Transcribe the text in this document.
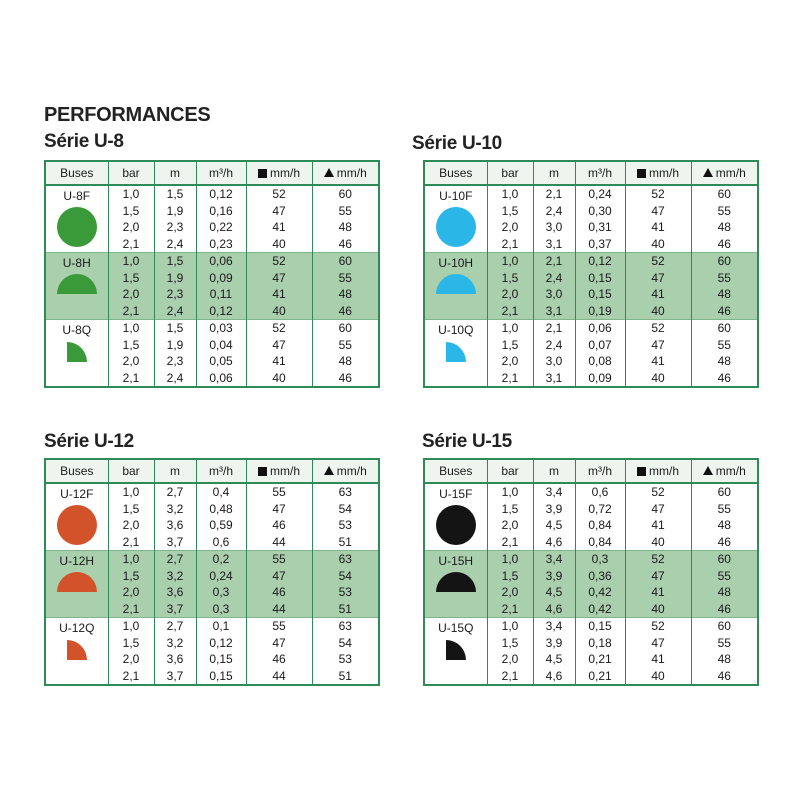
PERFORMANCES
Série U-8	Série U-10
Série U-12	Série U-15
Buses	bar	m	m³/h	mm/h	mm/h

U-8F	1,0	1,5	0,12	52	60
	1,5	1,9	0,16	47	55
	2,0	2,3	0,22	41	48
	2,1	2,4	0,23	40	46

U-8H	1,0	1,5	0,06	52	60
	1,5	1,9	0,09	47	55
	2,0	2,3	0,11	41	48
	2,1	2,4	0,12	40	46

U-8Q	1,0	1,5	0,03	52	60
	1,5	1,9	0,04	47	55
	2,0	2,3	0,05	41	48
	2,1	2,4	0,06	40	46
Buses	bar	m	m³/h	mm/h	mm/h

U-10F	1,0	2,1	0,24	52	60
	1,5	2,4	0,30	47	55
	2,0	3,0	0,31	41	48
	2,1	3,1	0,37	40	46

U-10H	1,0	2,1	0,12	52	60
	1,5	2,4	0,15	47	55
	2,0	3,0	0,15	41	48
	2,1	3,1	0,19	40	46

U-10Q	1,0	2,1	0,06	52	60
	1,5	2,4	0,07	47	55
	2,0	3,0	0,08	41	48
	2,1	3,1	0,09	40	46
Buses	bar	m	m³/h	mm/h	mm/h

U-12F	1,0	2,7	0,4	55	63
	1,5	3,2	0,48	47	54
	2,0	3,6	0,59	46	53
	2,1	3,7	0,6	44	51

U-12H	1,0	2,7	0,2	55	63
	1,5	3,2	0,24	47	54
	2,0	3,6	0,3	46	53
	2,1	3,7	0,3	44	51

U-12Q	1,0	2,7	0,1	55	63
	1,5	3,2	0,12	47	54
	2,0	3,6	0,15	46	53
	2,1	3,7	0,15	44	51
Buses	bar	m	m³/h	mm/h	mm/h

U-15F	1,0	3,4	0,6	52	60
	1,5	3,9	0,72	47	55
	2,0	4,5	0,84	41	48
	2,1	4,6	0,84	40	46

U-15H	1,0	3,4	0,3	52	60
	1,5	3,9	0,36	47	55
	2,0	4,5	0,42	41	48
	2,1	4,6	0,42	40	46

U-15Q	1,0	3,4	0,15	52	60
	1,5	3,9	0,18	47	55
	2,0	4,5	0,21	41	48
	2,1	4,6	0,21	40	46
